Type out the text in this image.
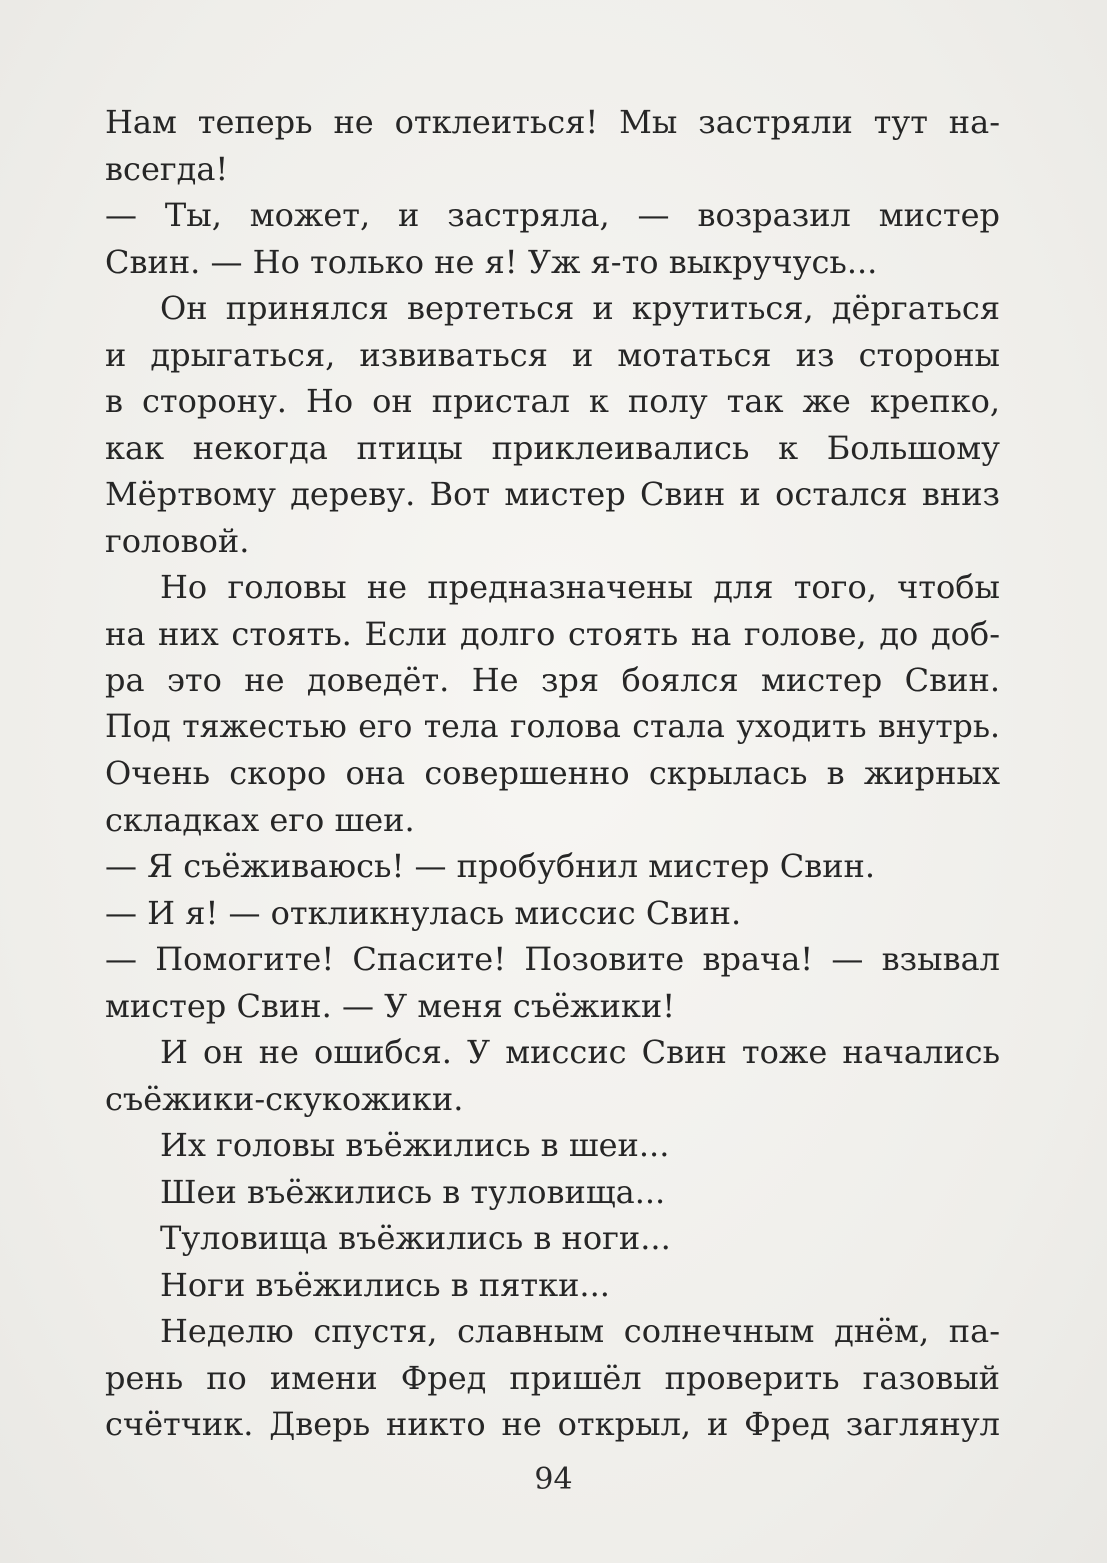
Нам теперь не отклеиться! Мы застряли тут на-
всегда!
— Ты, может, и застряла, — возразил мистер
Свин. — Но только не я! Уж я-то выкручусь...
Он принялся вертеться и крутиться, дёргаться
и дрыгаться, извиваться и мотаться из стороны
в сторону. Но он пристал к полу так же крепко,
как некогда птицы приклеивались к Большому
Мёртвому дереву. Вот мистер Свин и остался вниз
головой.
Но головы не предназначены для того, чтобы
на них стоять. Если долго стоять на голове, до доб-
ра это не доведёт. Не зря боялся мистер Свин.
Под тяжестью его тела голова стала уходить внутрь.
Очень скоро она совершенно скрылась в жирных
складках его шеи.
— Я съёживаюсь! — пробубнил мистер Свин.
— И я! — откликнулась миссис Свин.
— Помогите! Спасите! Позовите врача! — взывал
мистер Свин. — У меня съёжики!
И он не ошибся. У миссис Свин тоже начались
съёжики-скукожики.
Их головы въёжились в шеи...
Шеи въёжились в туловища...
Туловища въёжились в ноги...
Ноги въёжились в пятки...
Неделю спустя, славным солнечным днём, па-
рень по имени Фред пришёл проверить газовый
счётчик. Дверь никто не открыл, и Фред заглянул
94
